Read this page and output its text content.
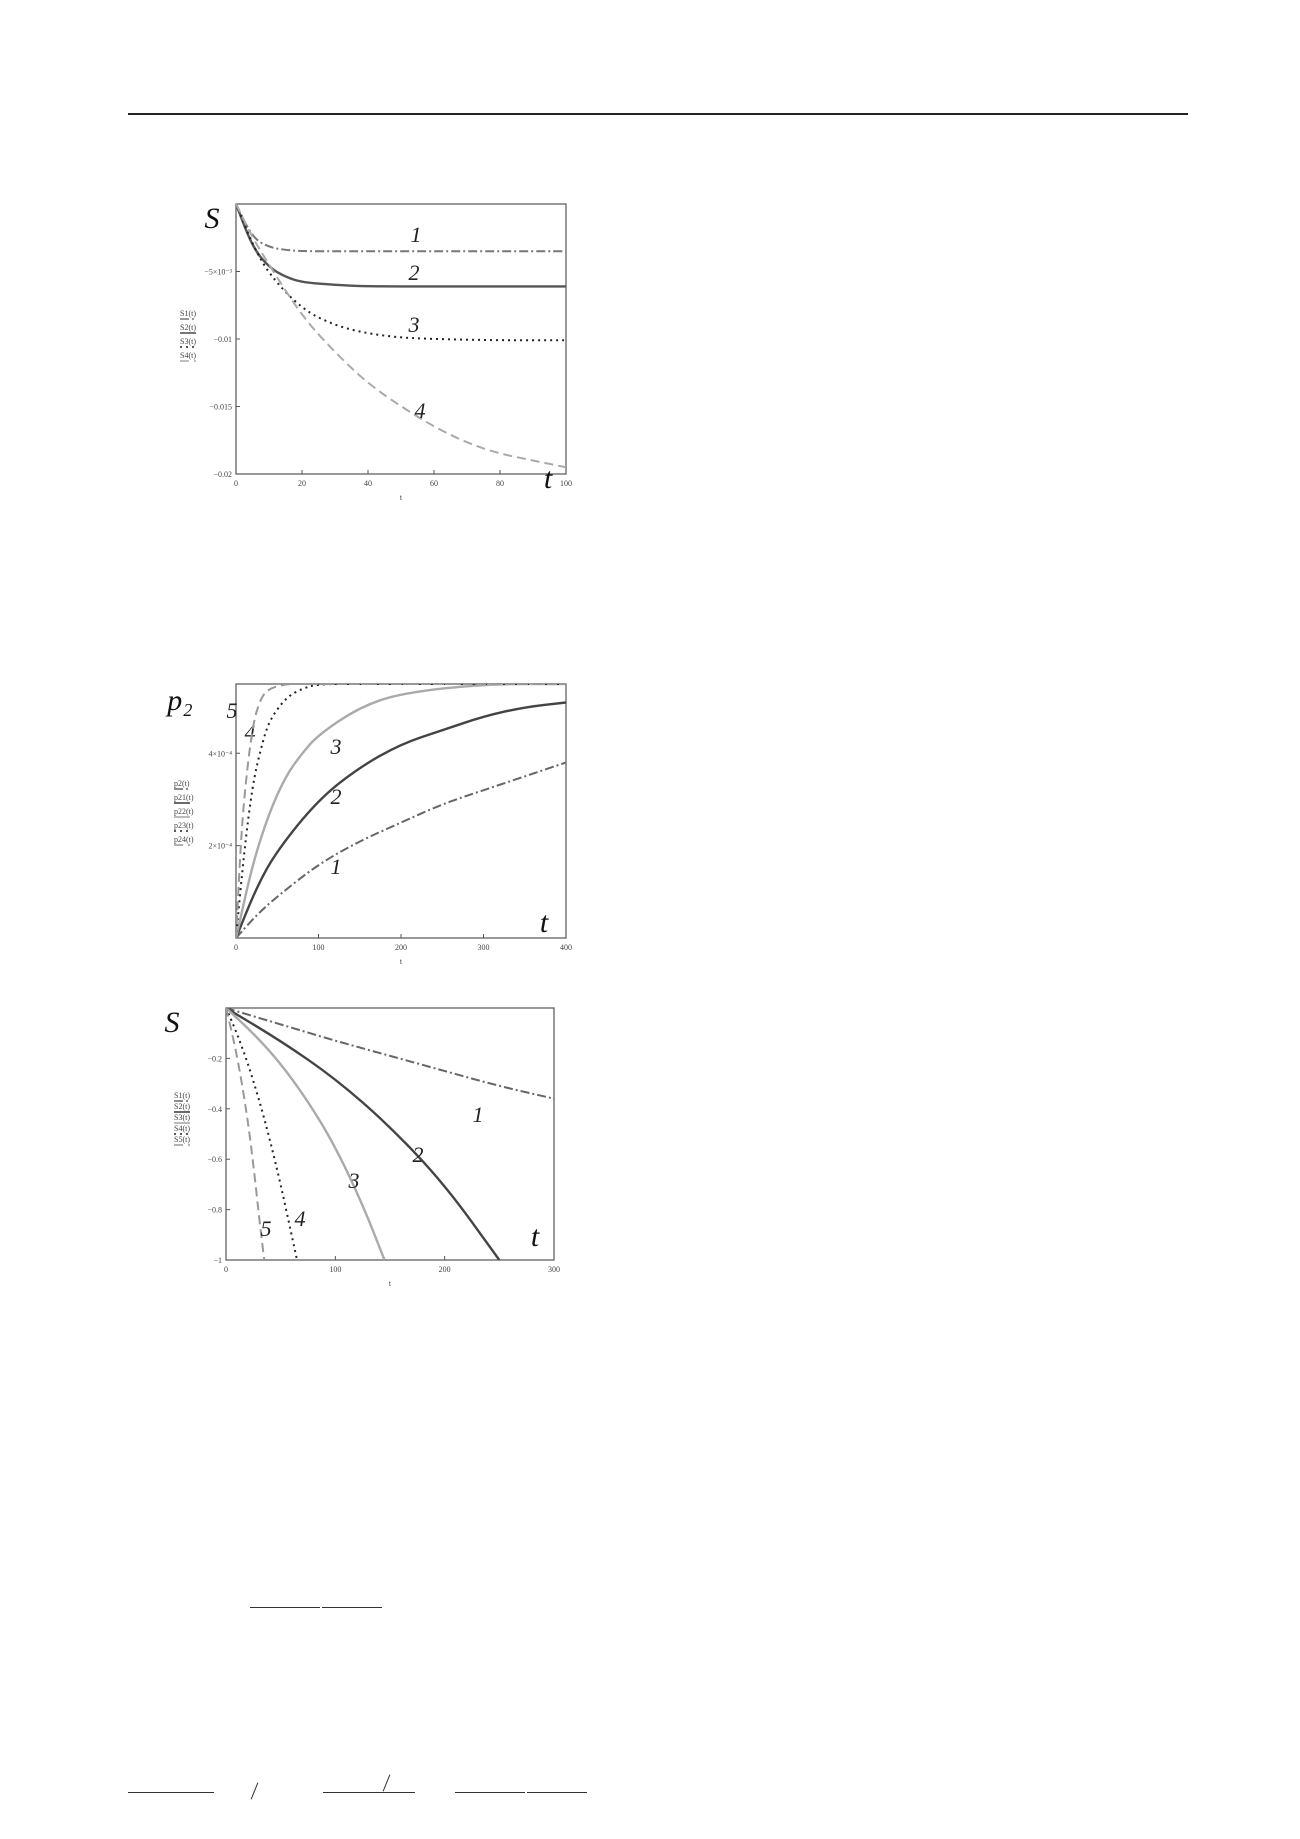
0	20	40	60	80	100
−5×10⁻³
−0.01
−0.015
−0.02
t
S1(t)
S2(t)
S3(t)
S4(t)
S
t
1
2
3
4
0	100	200	300	400
2×10⁻⁴
4×10⁻⁴
t
p2(t)
p21(t)
p22(t)
p23(t)
p24(t)
p₂
t
1
2
3
4
5
0	100	200	300
−0.2
−0.4
−0.6
−0.8
−1
t
S1(t)
S2(t)
S3(t)
S4(t)
S5(t)
S
t
1
2
3
4
5
